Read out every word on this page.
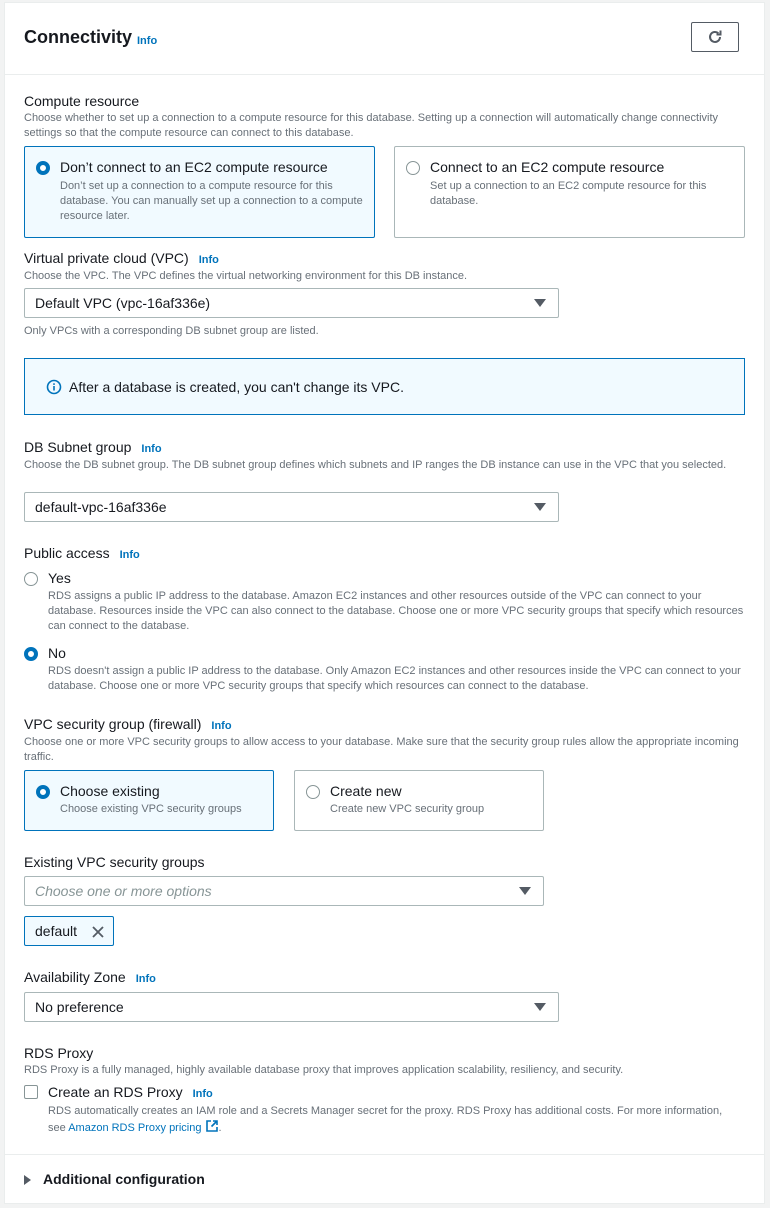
Connectivity Info
Compute resource
Choose whether to set up a connection to a compute resource for this database. Setting up a connection will automatically change connectivity settings so that the compute resource can connect to this database.
Don’t connect to an EC2 compute resource
Don’t set up a connection to a compute resource for this database. You can manually set up a connection to a compute resource later.
Connect to an EC2 compute resource
Set up a connection to an EC2 compute resource for this database.
Virtual private cloud (VPC) Info
Choose the VPC. The VPC defines the virtual networking environment for this DB instance.
Default VPC (vpc-16af336e)
Only VPCs with a corresponding DB subnet group are listed.
After a database is created, you can't change its VPC.
DB Subnet group Info
Choose the DB subnet group. The DB subnet group defines which subnets and IP ranges the DB instance can use in the VPC that you selected.
default-vpc-16af336e
Public access Info
Yes
RDS assigns a public IP address to the database. Amazon EC2 instances and other resources outside of the VPC can connect to your database. Resources inside the VPC can also connect to the database. Choose one or more VPC security groups that specify which resources can connect to the database.
No
RDS doesn't assign a public IP address to the database. Only Amazon EC2 instances and other resources inside the VPC can connect to your database. Choose one or more VPC security groups that specify which resources can connect to the database.
VPC security group (firewall) Info
Choose one or more VPC security groups to allow access to your database. Make sure that the security group rules allow the appropriate incoming traffic.
Choose existing
Choose existing VPC security groups
Create new
Create new VPC security group
Existing VPC security groups
Choose one or more options
default
Availability Zone Info
No preference
RDS Proxy
RDS Proxy is a fully managed, highly available database proxy that improves application scalability, resiliency, and security.
Create an RDS Proxy Info
RDS automatically creates an IAM role and a Secrets Manager secret for the proxy. RDS Proxy has additional costs. For more information, see Amazon RDS Proxy pricing .
Additional configuration
